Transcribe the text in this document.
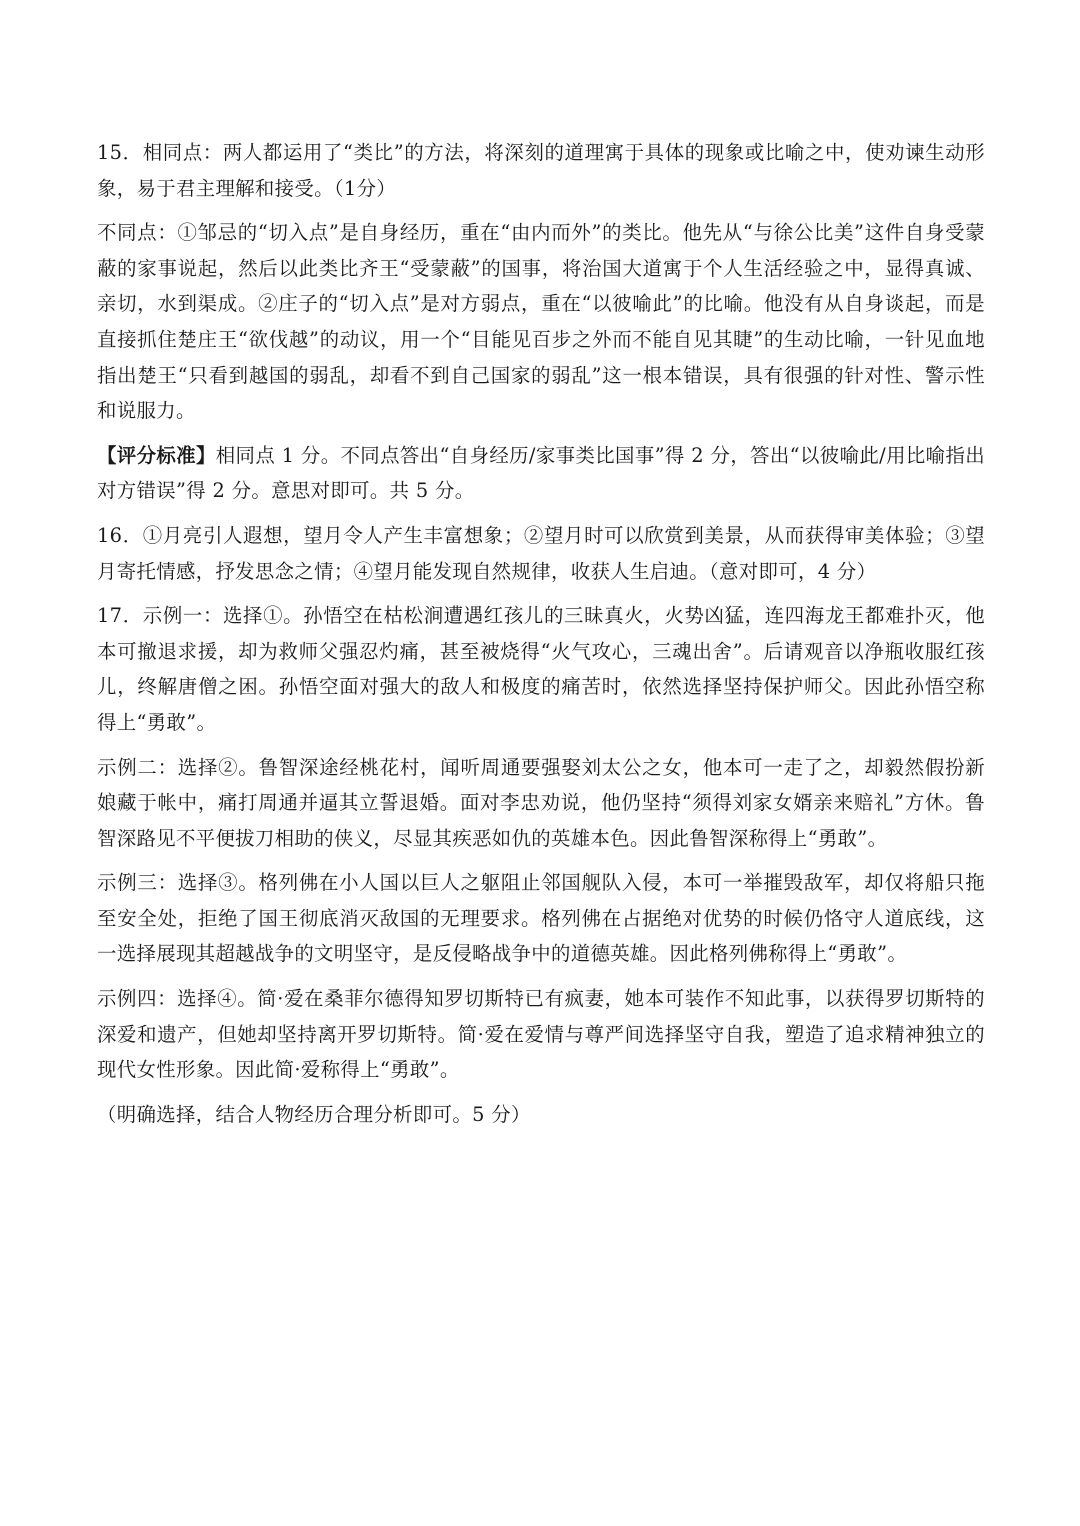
15．相同点：两人都运用了“类比”的方法，将深刻的道理寓于具体的现象或比喻之中，使劝谏生动形象，易于君主理解和接受。（1分）

不同点：①邹忌的“切入点”是自身经历，重在“由内而外”的类比。他先从“与徐公比美”这件自身受蒙蔽的家事说起，然后以此类比齐王“受蒙蔽”的国事，将治国大道寓于个人生活经验之中，显得真诚、亲切，水到渠成。②庄子的“切入点”是对方弱点，重在“以彼喻此”的比喻。他没有从自身谈起，而是直接抓住楚庄王“欲伐越”的动议，用一个“目能见百步之外而不能自见其睫”的生动比喻，一针见血地指出楚王“只看到越国的弱乱，却看不到自己国家的弱乱”这一根本错误，具有很强的针对性、警示性和说服力。

【评分标准】相同点 1 分。不同点答出“自身经历/家事类比国事”得 2 分，答出“以彼喻此/用比喻指出对方错误”得 2 分。意思对即可。共 5 分。

16．①月亮引人遐想，望月令人产生丰富想象；②望月时可以欣赏到美景，从而获得审美体验；③望月寄托情感，抒发思念之情；④望月能发现自然规律，收获人生启迪。（意对即可，4 分）

17．示例一：选择①。孙悟空在枯松涧遭遇红孩儿的三昧真火，火势凶猛，连四海龙王都难扑灭，他本可撤退求援，却为救师父强忍灼痛，甚至被烧得“火气攻心，三魂出舍”。后请观音以净瓶收服红孩儿，终解唐僧之困。孙悟空面对强大的敌人和极度的痛苦时，依然选择坚持保护师父。因此孙悟空称得上“勇敢”。

示例二：选择②。鲁智深途经桃花村，闻听周通要强娶刘太公之女，他本可一走了之，却毅然假扮新娘藏于帐中，痛打周通并逼其立誓退婚。面对李忠劝说，他仍坚持“须得刘家女婿亲来赔礼”方休。鲁智深路见不平便拔刀相助的侠义，尽显其疾恶如仇的英雄本色。因此鲁智深称得上“勇敢”。

示例三：选择③。格列佛在小人国以巨人之躯阻止邻国舰队入侵，本可一举摧毁敌军，却仅将船只拖至安全处，拒绝了国王彻底消灭敌国的无理要求。格列佛在占据绝对优势的时候仍恪守人道底线，这一选择展现其超越战争的文明坚守，是反侵略战争中的道德英雄。因此格列佛称得上“勇敢”。

示例四：选择④。简·爱在桑菲尔德得知罗切斯特已有疯妻，她本可装作不知此事，以获得罗切斯特的深爱和遗产，但她却坚持离开罗切斯特。简·爱在爱情与尊严间选择坚守自我，塑造了追求精神独立的现代女性形象。因此简·爱称得上“勇敢”。

（明确选择，结合人物经历合理分析即可。5 分）
